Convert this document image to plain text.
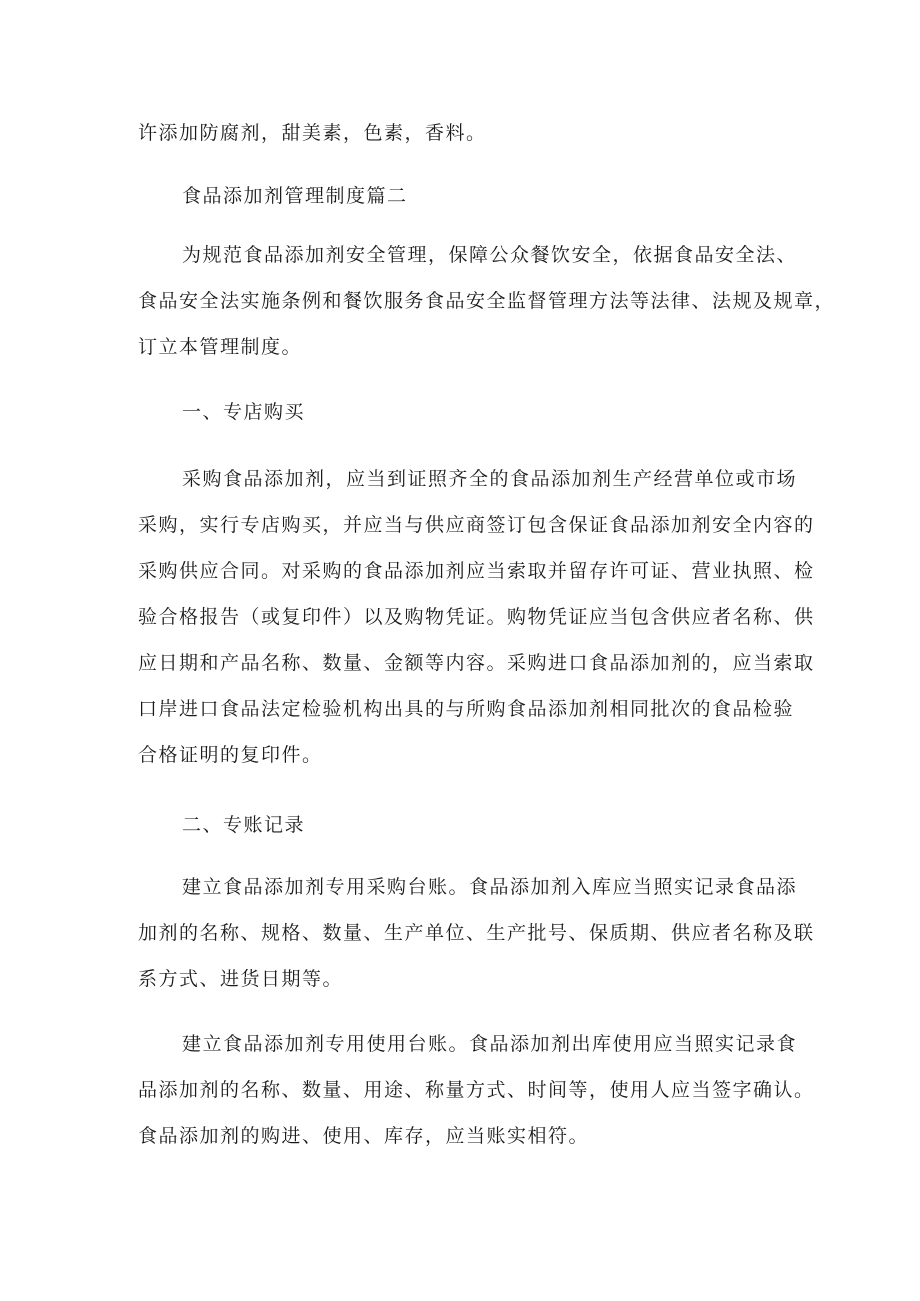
许添加防腐剂，甜美素，色素，香料。

食品添加剂管理制度篇二

为规范食品添加剂安全管理，保障公众餐饮安全，依据食品安全法、
食品安全法实施条例和餐饮服务食品安全监督管理方法等法律、法规及规章，
订立本管理制度。

一、专店购买

采购食品添加剂，应当到证照齐全的食品添加剂生产经营单位或市场
采购，实行专店购买，并应当与供应商签订包含保证食品添加剂安全内容的
采购供应合同。对采购的食品添加剂应当索取并留存许可证、营业执照、检
验合格报告（或复印件）以及购物凭证。购物凭证应当包含供应者名称、供
应日期和产品名称、数量、金额等内容。采购进口食品添加剂的，应当索取
口岸进口食品法定检验机构出具的与所购食品添加剂相同批次的食品检验
合格证明的复印件。

二、专账记录

建立食品添加剂专用采购台账。食品添加剂入库应当照实记录食品添
加剂的名称、规格、数量、生产单位、生产批号、保质期、供应者名称及联
系方式、进货日期等。

建立食品添加剂专用使用台账。食品添加剂出库使用应当照实记录食
品添加剂的名称、数量、用途、称量方式、时间等，使用人应当签字确认。
食品添加剂的购进、使用、库存，应当账实相符。
